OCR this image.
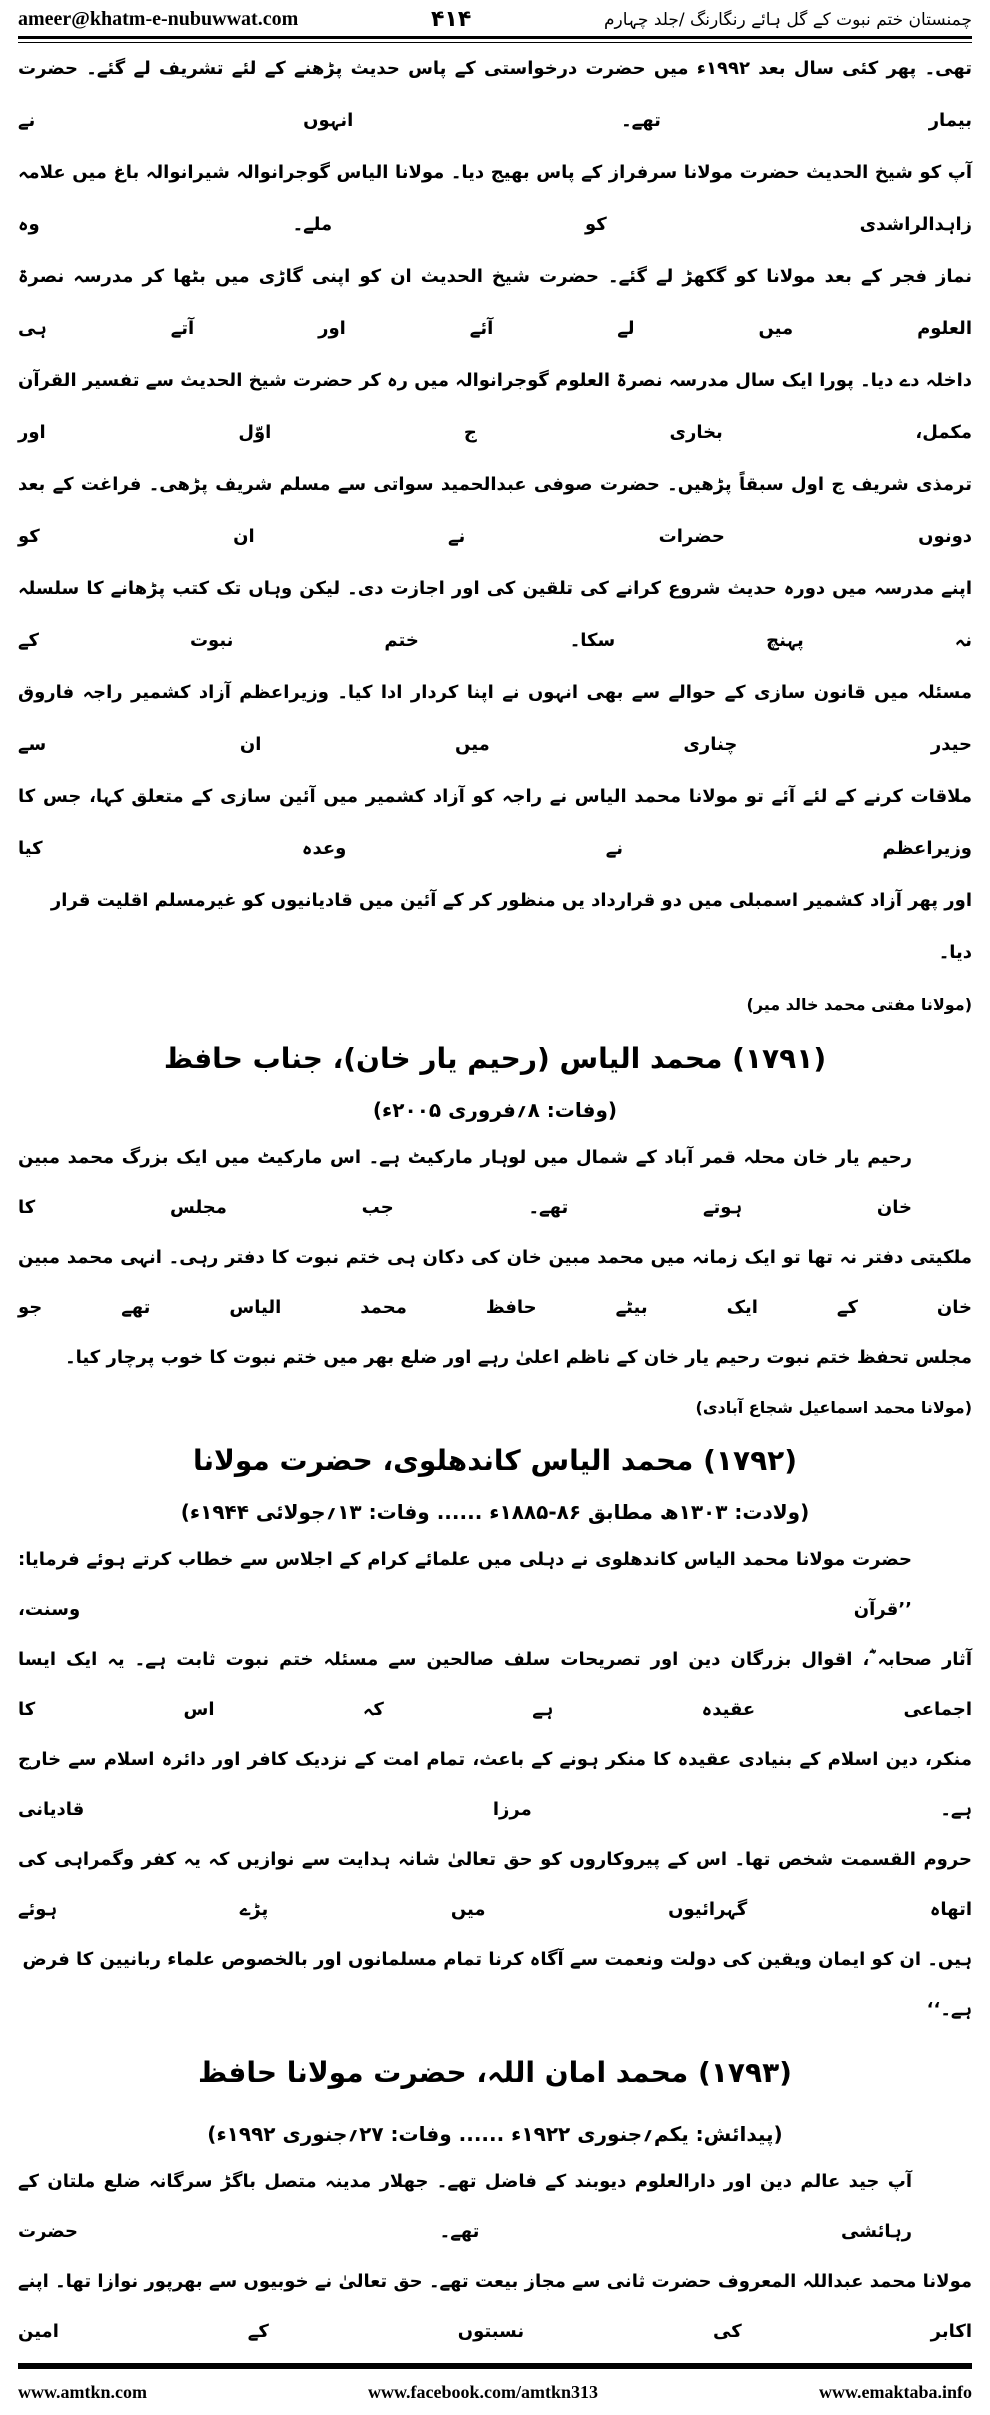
ameer@khatm-e-nubuwwat.com	۴۱۴	چمنستان ختم نبوت کے گل ہائے رنگارنگ /جلد چہارم
تھی۔ پھر کئی سال بعد ۱۹۹۲ء میں حضرت درخواستی کے پاس حدیث پڑھنے کے لئے تشریف لے گئے۔ حضرت بیمار تھے۔ انہوں نے
آپ کو شیخ الحدیث حضرت مولانا سرفراز کے پاس بھیج دیا۔ مولانا الیاس گوجرانوالہ شیرانوالہ باغ میں علامہ زاہدالراشدی کو ملے۔ وہ
نماز فجر کے بعد مولانا کو گکھڑ لے گئے۔ حضرت شیخ الحدیث ان کو اپنی گاڑی میں بٹھا کر مدرسہ نصرۃ العلوم میں لے آئے اور آتے ہی
داخلہ دے دیا۔ پورا ایک سال مدرسہ نصرۃ العلوم گوجرانوالہ میں رہ کر حضرت شیخ الحدیث سے تفسیر القرآن مکمل، بخاری ج اوّل اور
ترمذی شریف ج اول سبقاً پڑھیں۔ حضرت صوفی عبدالحمید سواتی سے مسلم شریف پڑھی۔ فراغت کے بعد دونوں حضرات نے ان کو
اپنے مدرسہ میں دورہ حدیث شروع کرانے کی تلقین کی اور اجازت دی۔ لیکن وہاں تک کتب پڑھانے کا سلسلہ نہ پہنچ سکا۔ ختم نبوت کے
مسئلہ میں قانون سازی کے حوالے سے بھی انہوں نے اپنا کردار ادا کیا۔ وزیراعظم آزاد کشمیر راجہ فاروق حیدر چناری میں ان سے
ملاقات کرنے کے لئے آئے تو مولانا محمد الیاس نے راجہ کو آزاد کشمیر میں آئین سازی کے متعلق کہا، جس کا وزیراعظم نے وعدہ کیا
اور پھر آزاد کشمیر اسمبلی میں دو قرارداد یں منظور کر کے آئین میں قادیانیوں کو غیرمسلم اقلیت قرار دیا۔
(مولانا مفتی محمد خالد میر)
(۱۷۹۱) محمد الیاس (رحیم یار خان)، جناب حافظ
(وفات: ۸؍فروری ۲۰۰۵ء)
رحیم یار خان محلہ قمر آباد کے شمال میں لوہار مارکیٹ ہے۔ اس مارکیٹ میں ایک بزرگ محمد مبین خان ہوتے تھے۔ جب مجلس کا
ملکیتی دفتر نہ تھا تو ایک زمانہ میں محمد مبین خان کی دکان ہی ختم نبوت کا دفتر رہی۔ انہی محمد مبین خان کے ایک بیٹے حافظ محمد الیاس تھے جو
مجلس تحفظ ختم نبوت رحیم یار خان کے ناظم اعلیٰ رہے اور ضلع بھر میں ختم نبوت کا خوب پرچار کیا۔
(مولانا محمد اسماعیل شجاع آبادی)
(۱۷۹۲) محمد الیاس کاندھلوی، حضرت مولانا
(ولادت: ۱۳۰۳ھ مطابق ۸۶-۱۸۸۵ء ...... وفات: ۱۳؍جولائی ۱۹۴۴ء)
حضرت مولانا محمد الیاس کاندھلوی نے دہلی میں علمائے کرام کے اجلاس سے خطاب کرتے ہوئے فرمایا: ’’قرآن وسنت،
آثار صحابہ ؓ، اقوال بزرگان دین اور تصریحات سلف صالحین سے مسئلہ ختم نبوت ثابت ہے۔ یہ ایک ایسا اجماعی عقیدہ ہے کہ اس کا
منکر، دین اسلام کے بنیادی عقیدہ کا منکر ہونے کے باعث، تمام امت کے نزدیک کافر اور دائرہ اسلام سے خارج ہے۔ مرزا قادیانی
حروم القسمت شخص تھا۔ اس کے پیروکاروں کو حق تعالیٰ شانہ ہدایت سے نوازیں کہ یہ کفر وگمراہی کی اتھاہ گہرائیوں میں پڑے ہوئے
ہیں۔ ان کو ایمان ویقین کی دولت ونعمت سے آگاہ کرنا تمام مسلمانوں اور بالخصوص علماء ربانیین کا فرض ہے۔‘‘
(۱۷۹۳) محمد امان اللہ، حضرت مولانا حافظ
(پیدائش: یکم؍جنوری ۱۹۲۲ء ...... وفات: ۲۷؍جنوری ۱۹۹۲ء)
آپ جید عالم دین اور دارالعلوم دیوبند کے فاضل تھے۔ جھلار مدینہ متصل باگڑ سرگانہ ضلع ملتان کے رہائشی تھے۔ حضرت
مولانا محمد عبداللہ المعروف حضرت ثانی سے مجاز بیعت تھے۔ حق تعالیٰ نے خوبیوں سے بھرپور نوازا تھا۔ اپنے اکابر کی نسبتوں کے امین
www.amtkn.com	www.facebook.com/amtkn313	www.emaktaba.info
